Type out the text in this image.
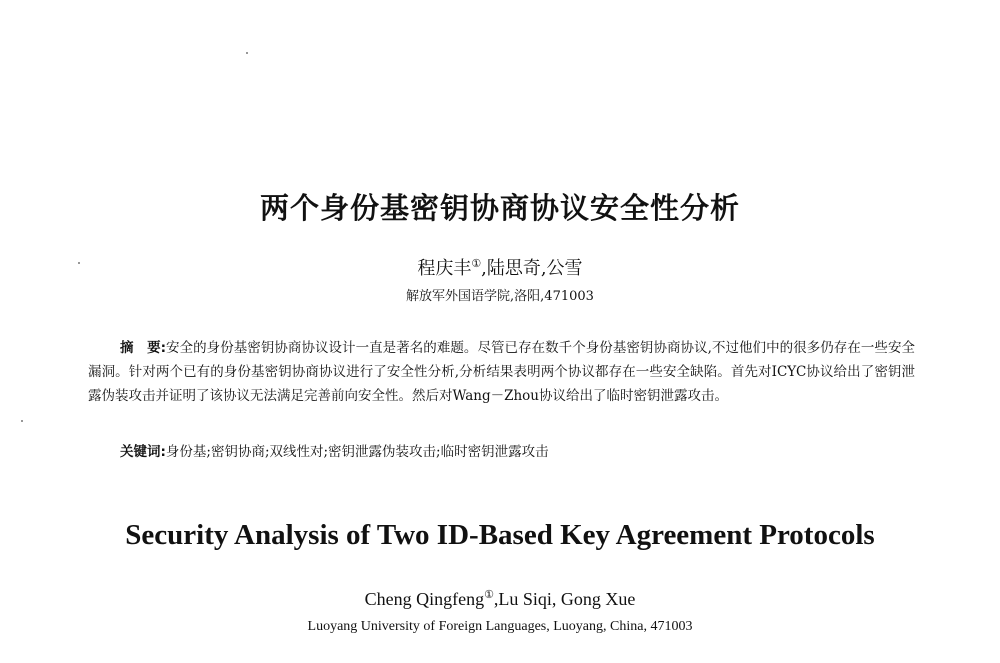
两个身份基密钥协商协议安全性分析
程庆丰①,陆思奇,公雪
解放军外国语学院,洛阳,471003
摘　要:安全的身份基密钥协商协议设计一直是著名的难题。尽管已存在数千个身份基密钥协商协议,不过他们中的很多仍存在一些安全漏洞。针对两个已有的身份基密钥协商协议进行了安全性分析,分析结果表明两个协议都存在一些安全缺陷。首先对ICYC协议给出了密钥泄露伪装攻击并证明了该协议无法满足完善前向安全性。然后对Wang－Zhou协议给出了临时密钥泄露攻击。
关键词:身份基;密钥协商;双线性对;密钥泄露伪装攻击;临时密钥泄露攻击
Security Analysis of Two ID-Based Key Agreement Protocols
Cheng Qingfeng①,Lu Siqi, Gong Xue
Luoyang University of Foreign Languages, Luoyang, China, 471003
